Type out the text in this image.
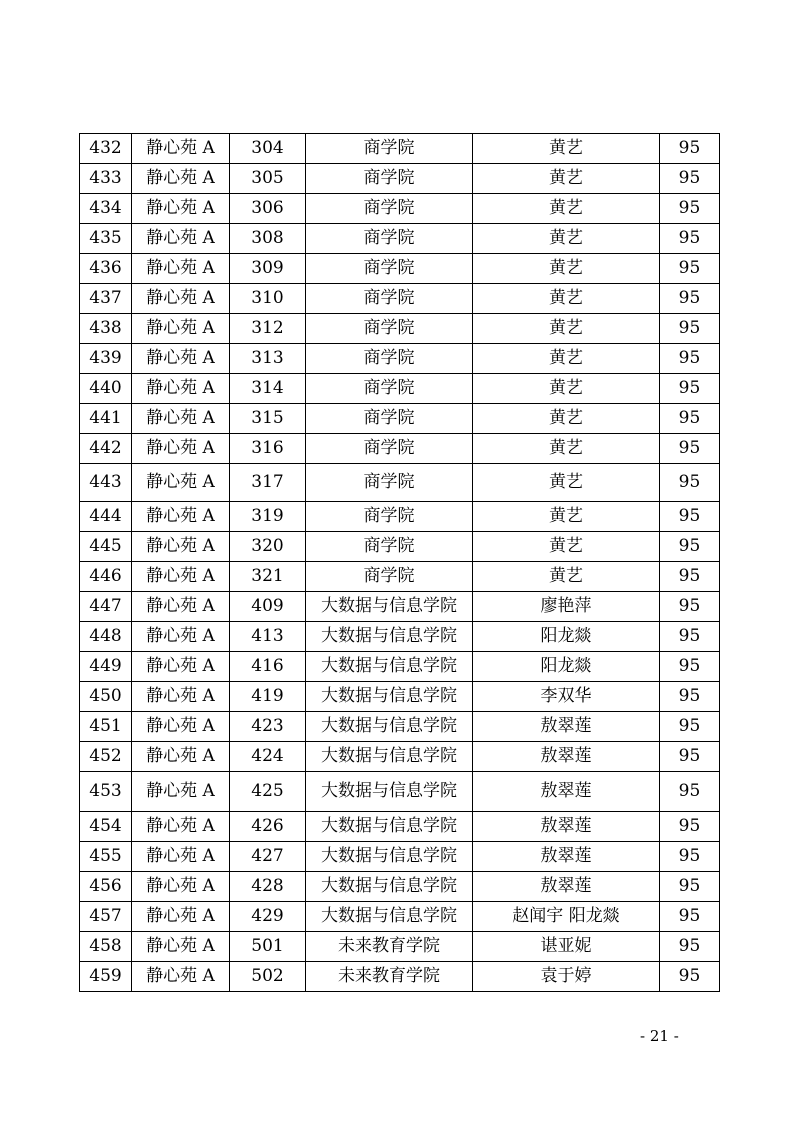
432	静心苑 A	304	商学院	黄艺	95
433	静心苑 A	305	商学院	黄艺	95
434	静心苑 A	306	商学院	黄艺	95
435	静心苑 A	308	商学院	黄艺	95
436	静心苑 A	309	商学院	黄艺	95
437	静心苑 A	310	商学院	黄艺	95
438	静心苑 A	312	商学院	黄艺	95
439	静心苑 A	313	商学院	黄艺	95
440	静心苑 A	314	商学院	黄艺	95
441	静心苑 A	315	商学院	黄艺	95
442	静心苑 A	316	商学院	黄艺	95
443	静心苑 A	317	商学院	黄艺	95
444	静心苑 A	319	商学院	黄艺	95
445	静心苑 A	320	商学院	黄艺	95
446	静心苑 A	321	商学院	黄艺	95
447	静心苑 A	409	大数据与信息学院	廖艳萍	95
448	静心苑 A	413	大数据与信息学院	阳龙燚	95
449	静心苑 A	416	大数据与信息学院	阳龙燚	95
450	静心苑 A	419	大数据与信息学院	李双华	95
451	静心苑 A	423	大数据与信息学院	敖翠莲	95
452	静心苑 A	424	大数据与信息学院	敖翠莲	95
453	静心苑 A	425	大数据与信息学院	敖翠莲	95
454	静心苑 A	426	大数据与信息学院	敖翠莲	95
455	静心苑 A	427	大数据与信息学院	敖翠莲	95
456	静心苑 A	428	大数据与信息学院	敖翠莲	95
457	静心苑 A	429	大数据与信息学院	赵闻宇 阳龙燚	95
458	静心苑 A	501	未来教育学院	谌亚妮	95
459	静心苑 A	502	未来教育学院	袁于婷	95
- 21 -
